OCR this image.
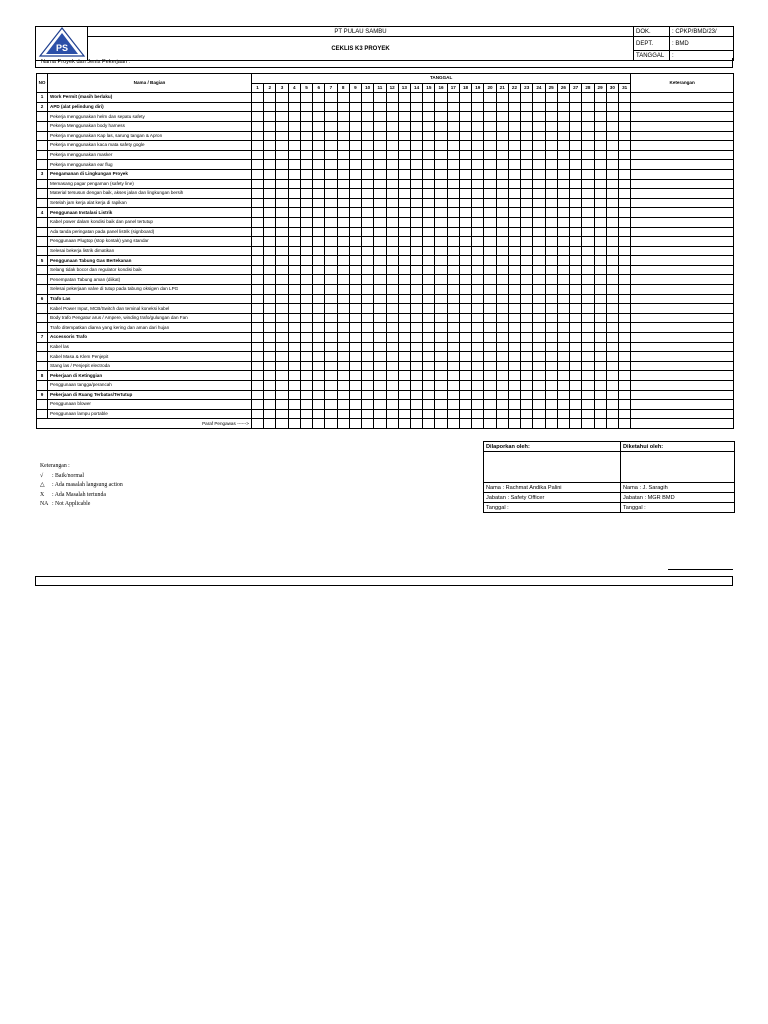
PS	PT PULAU SAMBU	DOK.	: CPKP/BMD/23/
	CEKLIS K3 PROYEK	DEPT.	: BMD
		TANGGAL	:
Nama Proyek dan Jenis Pekerjaan :
NO	Nama / Bagian	TANGGAL																															Keterangan
		1	2	3	4	5	6	7	8	9	10	11	12	13	14	15	16	17	18	19	20	21	22	23	24	25	26	27	28	29	30	31	
1	Work Permit (masih berlaku)																																
2	APD (alat pelindung diri)																																
	Pekerja menggunakan helm dan sepatu safety																																
	Pekerja Menggunakan body harness																																
	Pekerja menggunakan Kap las, sarung tangan & Apron																																
	Pekerja menggunakan kaca mata safety gogle																																
	Pekerja menggunakan masker																																
	Pekerja menggunakan ear flug																																
3	Pengamanan di Lingkungan Proyek																																
	Memasang pagar pengaman (safety line)																																
	Material tersusun dengan baik, akses jalan dan lingkungan bersih																																
	Setelah jam kerja alat kerja di rapikan																																
4	Penggunaan Instalasi Listrik																																
	Kabel power dalam kondisi baik dan panel tertutup																																
	Ada tanda peringatan pada panel listrik (signboard)																																
	Penggunaan Plugtop (stop kontak) yang standar																																
	Selesai bekerja listrik dimatikan																																
5	Penggunaan Tabung Gas Bertekanan																																
	Selang tidak bocor dan regulator kondisi baik																																
	Penempatan Tabung aman (diikat)																																
	Selesai pekerjaan valve di tutup pada tabung oksigen dan LPG																																
6	Trafo Las																																
	Kabel Power Input, MCB/Switch dan teminal koneksi kabel																																
	Body trafo Pengatur arus / Ampere, winding trafo/gulungan dan Fan																																
	Trafo ditempatkan diarea yang kering dan aman dari hujan																																
7	Accessoris Trafo																																
	Kabel las																																
	Kabel Masa & Klem Penjepit																																
	Stang las / Penjepit electroda																																
8	Pekerjaan di Ketinggian																																
	Penggunaan tangga/perancah																																
9	Pekerjaan di Ruang Terbatas/Tertutup																																
	Penggunaan blower																																
	Penggunaan lampu portable																																
	Paraf Pengawas ------>																																
Dilaporkan oleh:	Diketahui oleh:

Nama : Rachmat Andika Palini	Nama : J. Saragih
Jabatan : Safety Officer	Jabatan : MGR BMD
Tanggal :	Tanggal :
Keterangan :
√	: Baik/normal
△	: Ada masalah langsung action
X	: Ada Masalah tertunda
NA : Not Applicable
